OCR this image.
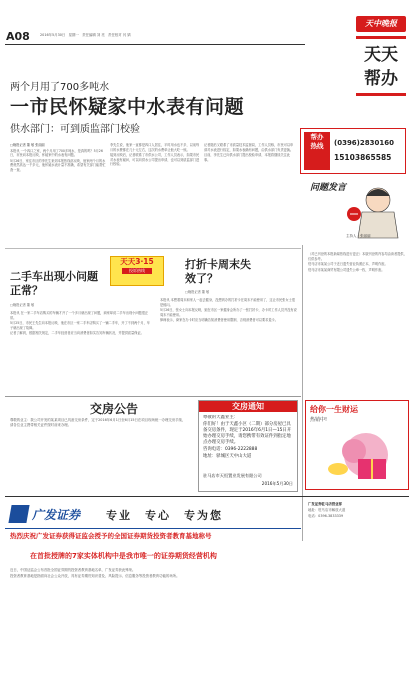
A08	2016年5月30日　星期一　责任编辑 刘 亮　责任校对 闫 婧
天中晚报
天天帮办
两个月用了700多吨水
一市民怀疑家中水表有问题
供水部门：可到质监部门校验

□晚报记者 董 敏 张丽丽

本报讯 一个四口之家，两个月用了700多吨水，是真的吗？5月26日，市民向本报反映，怀疑家中的水表有问题。

5月26日，家住市区的李先生来到本报热线部反映，他家两个月的水费竟然高达一千多元，他怀疑水表计量不准确，希望有关部门能帮忙查一查。

李先生说，他家一直都是四口人居住，平时用水也不多，以前每月的水费都在几十元左右，这次的水费单让他大吃一惊。

接到反映后，记者联系了市供水公司，工作人员表示，如果市民对水表有疑问，可以向供水公司提出申请，也可以到质监部门进行校验。

记者随后又联系了市质量技术监督局，工作人员称，市民可以申请对水表进行检定，如果水表确有问题，由供水部门负责更换。

目前，李先生已向供水部门提出校验申请，本报将继续关注此事。

帮办热线	(0396)2830160
15103865585
问题发言
主持人：张丽丽
天天3·15
投诉热线
二手车出现小问题正常？
□晚报记者 董 敏

本报讯 在一家二手车店购买的车辆才开了一个多月就出现了问题，商家却说二手车出现小问题很正常。

5月25日，市民王先生向本报反映，他在市区一家二手车店购买了一辆二手车，开了不到两个月，车子就出现了故障。

记者了解到，根据相关规定，二手车经营者应当向消费者如实告知车辆状况，并提供质量保证。

打折卡周末失效了？
□晚报记者 董 敏

本报讯 本想着周末和家人一起去健身，没想到办的打折卡在周末不能使用了，这让市民张女士很是郁闷。

5月26日，张女士向本报反映，她在市区一家健身会所办了一张打折卡，办卡时工作人员并没有说周末不能使用。

律师表示，商家在办卡时应当明确告知消费者使用限制，否则消费者可以要求退卡。

（对已刊登的本报新闻热线进行更正）本版刊登的内容均由读者提供，仅供参考。

驻马店市某某公司于近日遗失营业执照正本，声明作废。

驻马店市某某商贸有限公司遗失公章一枚，声明作废。

交房公告

尊敬的业主：我公司开发的某某项目已具备交房条件，定于2016年6月1日至6月15日在项目现场统一办理交房手续，请各位业主携带相关证件按时前来办理。

交房通知

尊敬的天鑫业主：

你们好！由于天鑫小区（二期）部分房屋已具备交房条件，现定于2016年6月1日—15日开始办理交房手续，请您携带有效证件到指定地点办理交房手续。

咨询电话：0396-2222888

地址：驿城区天中山大道

驻马店市天恒置业发展有限公司
2016年5月30日
给你一生财运
热销中!
广发证券 专业　专心　专为您
热烈庆祝广发证券获得证监会授予的全国证券期货投资者教育基地称号
在首批授牌的7家实体机构中是我市唯一的证券期货经营机构

近日，中国证监会公布首批全国证券期货投资者教育基地名单，广发证券获此殊荣。

投资者教育基地是指面向社会公众开放，具有证券期货知识普及、风险提示、信息服务等投资者教育功能的场所。

广发证券驻马店营业部

地址：驻马店市解放大道

电话：0396-3833339
